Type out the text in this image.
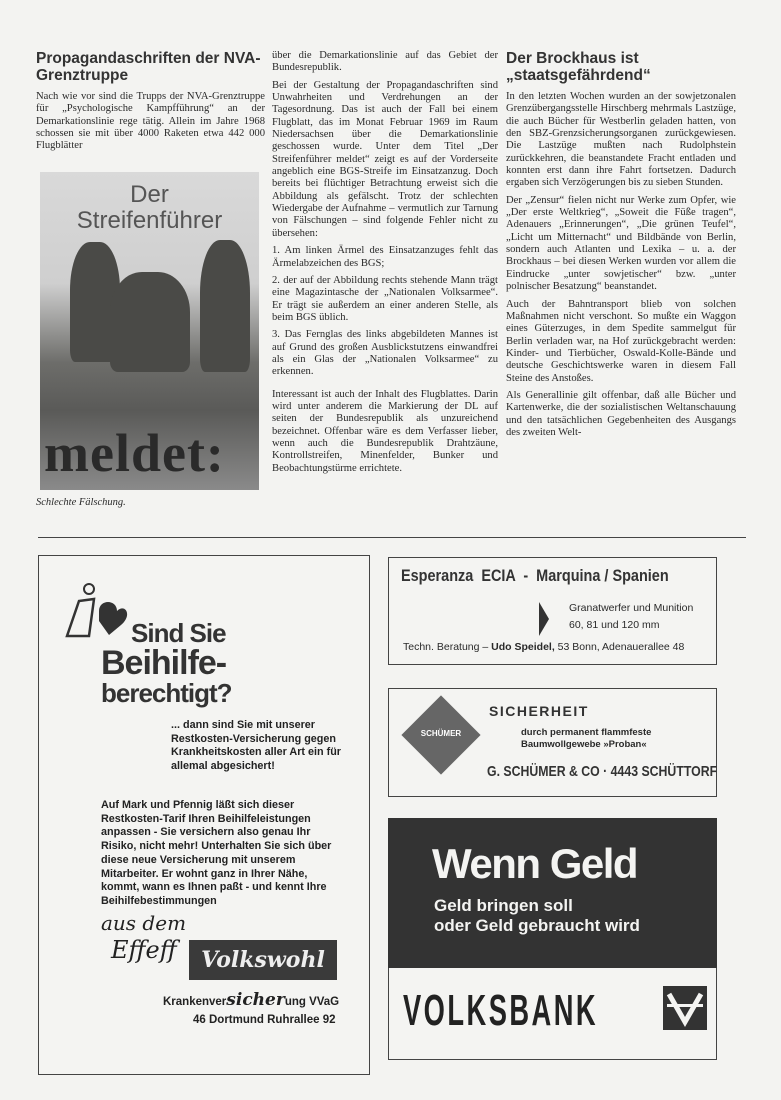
Propagandaschriften der NVA-Grenztruppe

Nach wie vor sind die Trupps der NVA-Grenztruppe für „Psychologische Kampfführung“ an der Demarkationslinie rege tätig. Allein im Jahre 1968 schossen sie mit über 4000 Raketen etwa 442 000 Flugblätter

Der
Streifenführer
meldet:
Schlechte Fälschung.

über die Demarkationslinie auf das Gebiet der Bundesrepublik.

Bei der Gestaltung der Propagandaschriften sind Unwahrheiten und Verdrehungen an der Tagesordnung. Das ist auch der Fall bei einem Flugblatt, das im Monat Februar 1969 im Raum Niedersachsen über die Demarkationslinie geschossen wurde. Unter dem Titel „Der Streifenführer meldet“ zeigt es auf der Vorderseite angeblich eine BGS-Streife im Einsatzanzug. Doch bereits bei flüchtiger Betrachtung erweist sich die Abbildung als gefälscht. Trotz der schlechten Wiedergabe der Aufnahme – vermutlich zur Tarnung von Fälschungen – sind folgende Fehler nicht zu übersehen:

1. Am linken Ärmel des Einsatzanzuges fehlt das Ärmelabzeichen des BGS;

2. der auf der Abbildung rechts stehende Mann trägt eine Magazintasche der „Nationalen Volksarmee“. Er trägt sie außerdem an einer anderen Stelle, als beim BGS üblich.

3. Das Fernglas des links abgebildeten Mannes ist auf Grund des großen Ausblickstutzens einwandfrei als ein Glas der „Nationalen Volksarmee“ zu erkennen.

Interessant ist auch der Inhalt des Flugblattes. Darin wird unter anderem die Markierung der DL auf seiten der Bundesrepublik als unzureichend bezeichnet. Offenbar wäre es dem Verfasser lieber, wenn auch die Bundesrepublik Drahtzäune, Kontrollstreifen, Minenfelder, Bunker und Beobachtungstürme errichtete.

Der Brockhaus ist „staatsgefährdend“

In den letzten Wochen wurden an der sowjetzonalen Grenzübergangsstelle Hirschberg mehrmals Lastzüge, die auch Bücher für Westberlin geladen hatten, von den SBZ-Grenzsicherungsorganen zurückgewiesen. Die Lastzüge mußten nach Rudolphstein zurückkehren, die beanstandete Fracht entladen und konnten erst dann ihre Fahrt fortsetzen. Dadurch ergaben sich Verzögerungen bis zu sieben Stunden.

Der „Zensur“ fielen nicht nur Werke zum Opfer, wie „Der erste Weltkrieg“, „Soweit die Füße tragen“, Adenauers „Erinnerungen“, „Die grünen Teufel“, „Licht um Mitternacht“ und Bildbände von Berlin, sondern auch Atlanten und Lexika – u. a. der Brockhaus – bei diesen Werken wurden vor allem die Eindrucke „unter sowjetischer“ bzw. „unter polnischer Besatzung“ beanstandet.

Auch der Bahntransport blieb von solchen Maßnahmen nicht verschont. So mußte ein Waggon eines Güterzuges, in dem Spedite sammelgut für Berlin verladen war, na Hof zurückgebracht werden: Kinder- und Tierbücher, Oswald-Kolle-Bände und deutsche Geschichtswerke waren in diesem Fall Steine des Anstoßes.

Als Generallinie gilt offenbar, daß alle Bücher und Kartenwerke, die der sozialistischen Weltanschauung und den tatsächlichen Gegebenheiten des Ausgangs des zweiten Welt-

Sind Sie
Beihilfe-
berechtigt?
... dann sind Sie mit unserer Restkosten-Versicherung gegen Krankheitskosten aller Art ein für allemal abgesichert!
Auf Mark und Pfennig läßt sich dieser Restkosten-Tarif Ihren Beihilfeleistungen anpassen - Sie versichern also genau Ihr Risiko, nicht mehr! Unterhalten Sie sich über diese neue Versicherung mit unserem Mitarbeiter. Er wohnt ganz in Ihrer Nähe, kommt, wann es Ihnen paßt - und kennt Ihre Beihilfebestimmungen
aus dem
Effeff	Volkswohl
Krankenversicherung VVaG
46 Dortmund Ruhrallee 92
Esperanza  ECIA  -  Marquina / Spanien
Granatwerfer und Munition
60, 81 und 120 mm
Techn. Beratung – Udo Speidel, 53 Bonn, Adenauerallee 48
SCHÜMER
SICHERHEIT
durch permanent flammfeste
Baumwollgewebe »Proban«
G. SCHÜMER & CO · 4443 SCHÜTTORF
Wenn Geld
Geld bringen soll
oder Geld gebraucht wird
VOLKSBANK
